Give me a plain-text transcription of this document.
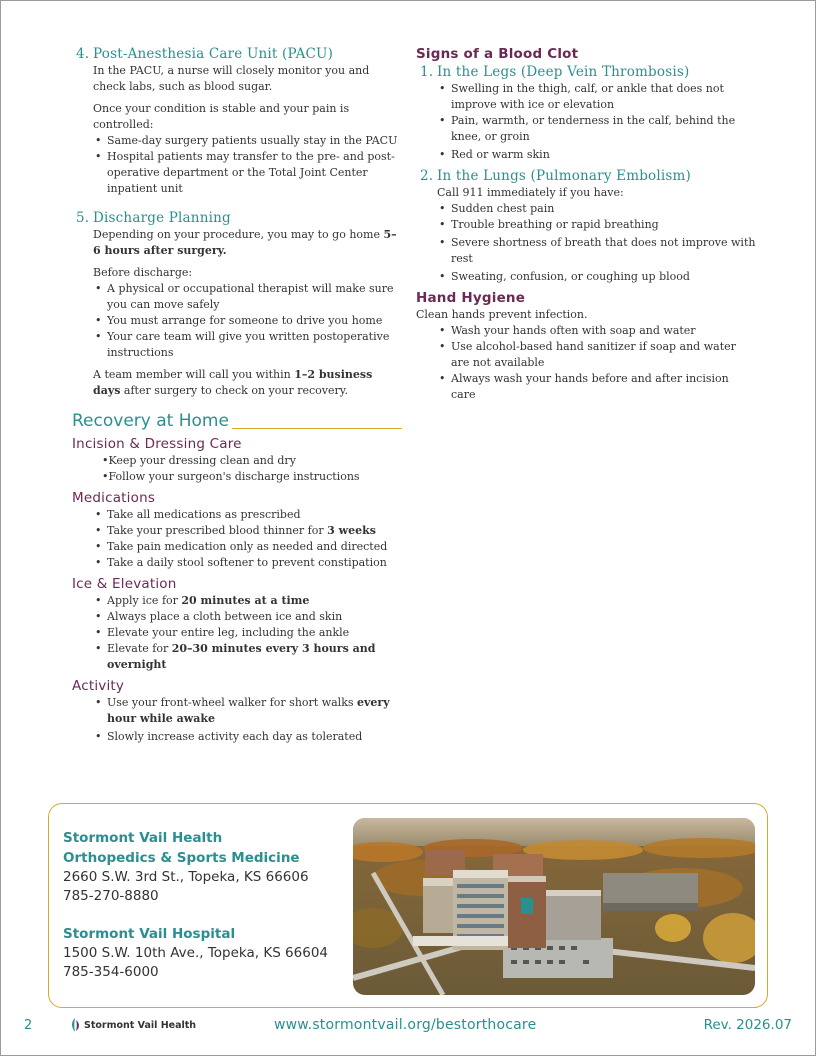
4. Post-Anesthesia Care Unit (PACU)

In the PACU, a nurse will closely monitor you and check labs, such as blood sugar.

Once your condition is stable and your pain is controlled:

• Same-day surgery patients usually stay in the PACU
• Hospital patients may transfer to the pre- and post-operative department or the Total Joint Center inpatient unit
5. Discharge Planning

Depending on your procedure, you may to go home 5–6 hours after surgery.

Before discharge:

• A physical or occupational therapist will make sure you can move safely
• You must arrange for someone to drive you home
• Your care team will give you written postoperative instructions

A team member will call you within 1–2 business days after surgery to check on your recovery.

Recovery at Home
Incision & Dressing Care
•Keep your dressing clean and dry
•Follow your surgeon's discharge instructions
Medications
• Take all medications as prescribed
• Take your prescribed blood thinner for 3 weeks
• Take pain medication only as needed and directed
• Take a daily stool softener to prevent constipation
Ice & Elevation
• Apply ice for 20 minutes at a time
• Always place a cloth between ice and skin
• Elevate your entire leg, including the ankle
• Elevate for 20–30 minutes every 3 hours and overnight
Activity
• Use your front-wheel walker for short walks every hour while awake
• Slowly increase activity each day as tolerated
Signs of a Blood Clot
1. In the Legs (Deep Vein Thrombosis)
• Swelling in the thigh, calf, or ankle that does not improve with ice or elevation
• Pain, warmth, or tenderness in the calf, behind the knee, or groin
• Red or warm skin
2. In the Lungs (Pulmonary Embolism)

Call 911 immediately if you have:

• Sudden chest pain
• Trouble breathing or rapid breathing
• Severe shortness of breath that does not improve with rest
• Sweating, confusion, or coughing up blood
Hand Hygiene

Clean hands prevent infection.

• Wash your hands often with soap and water
• Use alcohol-based hand sanitizer if soap and water are not available
• Always wash your hands before and after incision care
Stormont Vail Health
Orthopedics & Sports Medicine
2660 S.W. 3rd St., Topeka, KS 66606
785-270-8880
Stormont Vail Hospital
1500 S.W. 10th Ave., Topeka, KS 66604
785-354-6000
2	Stormont Vail Health	www.stormontvail.org/bestorthocare	Rev. 2026.07
